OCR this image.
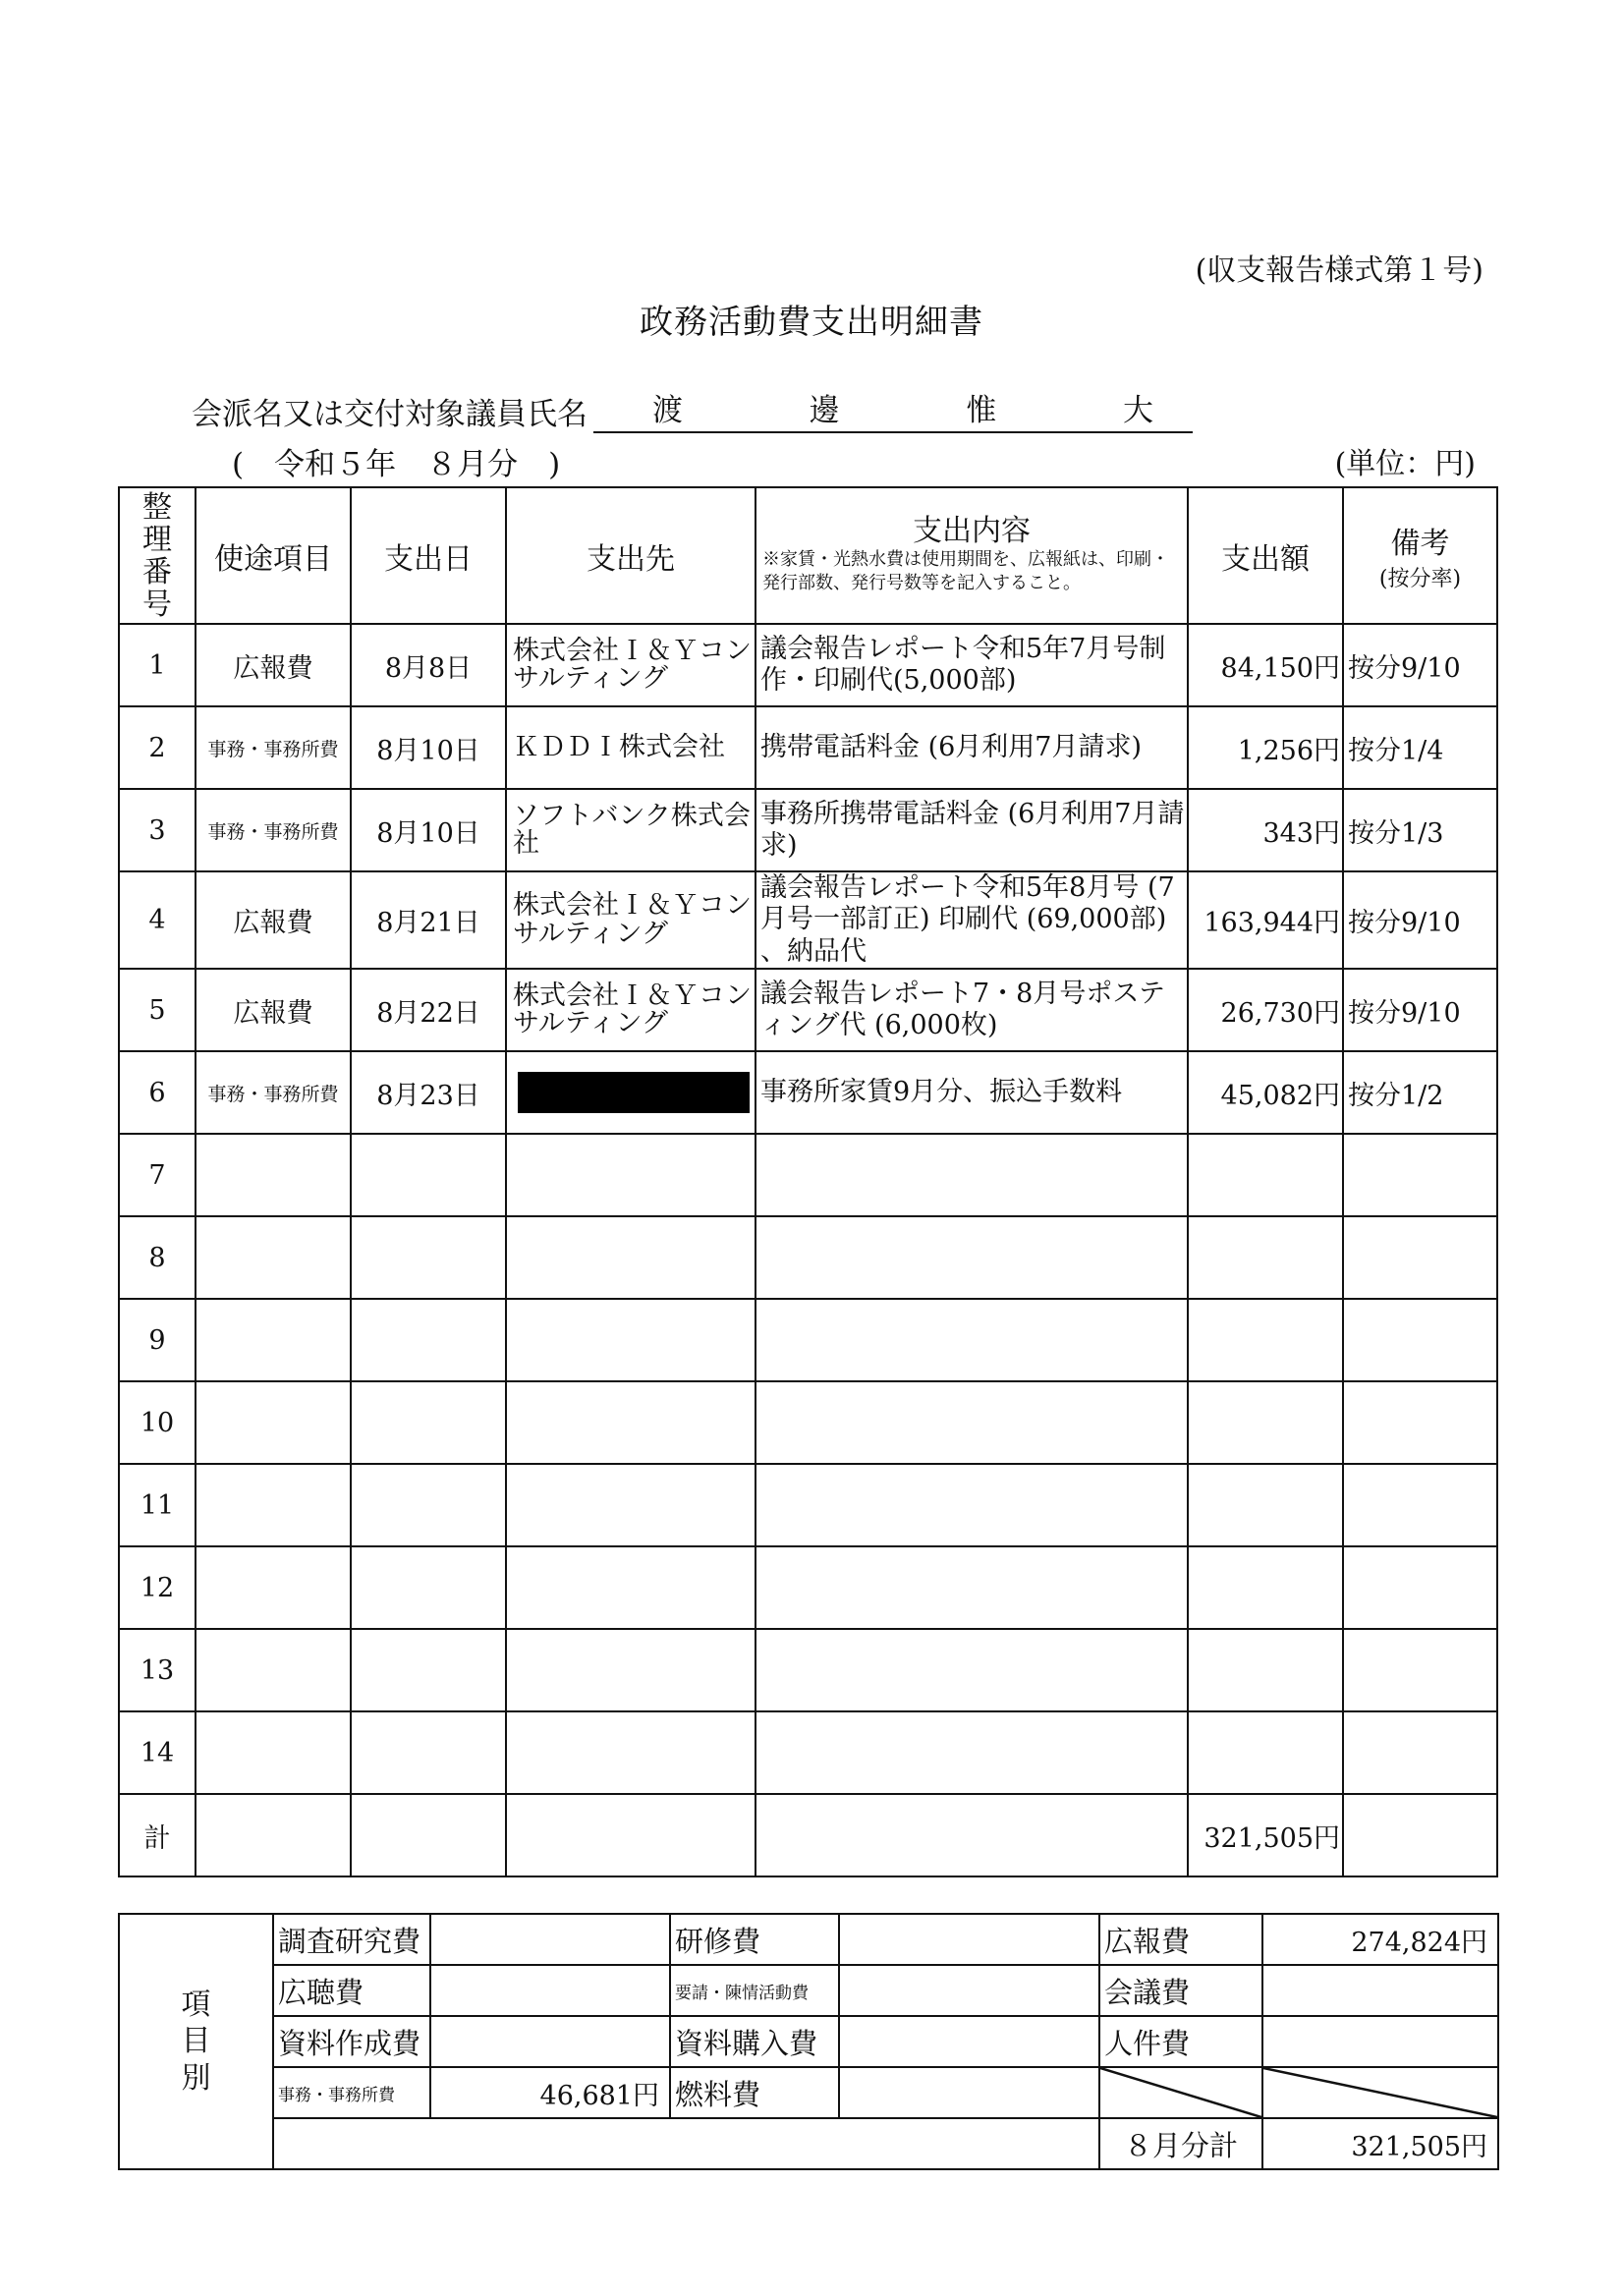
(収支報告様式第１号)
政務活動費支出明細書
会派名又は交付対象議員氏名 渡	邊	惟	大
(　令和５年　８月分　)	(単位：円)
整理番号	使途項目	支出日	支出先	支出内容
※家賃・光熱水費は使用期間を、広報紙は、印刷・発行部数、発行号数等を記入すること。	支出額	備考
(按分率)

1	広報費	8月8日	株式会社Ｉ＆Ｙコンサルティング	議会報告レポート令和5年7月号制作・印刷代(5,000部)	84,150円	按分9/10
2	事務・事務所費	8月10日	ＫＤＤＩ株式会社	携帯電話料金 (6月利用7月請求)	1,256円	按分1/4
3	事務・事務所費	8月10日	ソフトバンク株式会社	事務所携帯電話料金 (6月利用7月請求)	343円	按分1/3
4	広報費	8月21日	株式会社Ｉ＆Ｙコンサルティング	議会報告レポート令和5年8月号 (7月号一部訂正) 印刷代 (69,000部) 、納品代	163,944円	按分9/10
5	広報費	8月22日	株式会社Ｉ＆Ｙコンサルティング	議会報告レポート7・8月号ポスティング代 (6,000枚)	26,730円	按分9/10
6	事務・事務所費	8月23日		事務所家賃9月分、振込手数料	45,082円	按分1/2
7						
8						
9						
10						
11						
12						
13						
14						
計					321,505円	
項
目
別	調査研究費		研修費		広報費	274,824円
	広聴費		要請・陳情活動費		会議費	
	資料作成費		資料購入費		人件費	
	事務・事務所費	46,681円	燃料費			
					８月分計	321,505円
